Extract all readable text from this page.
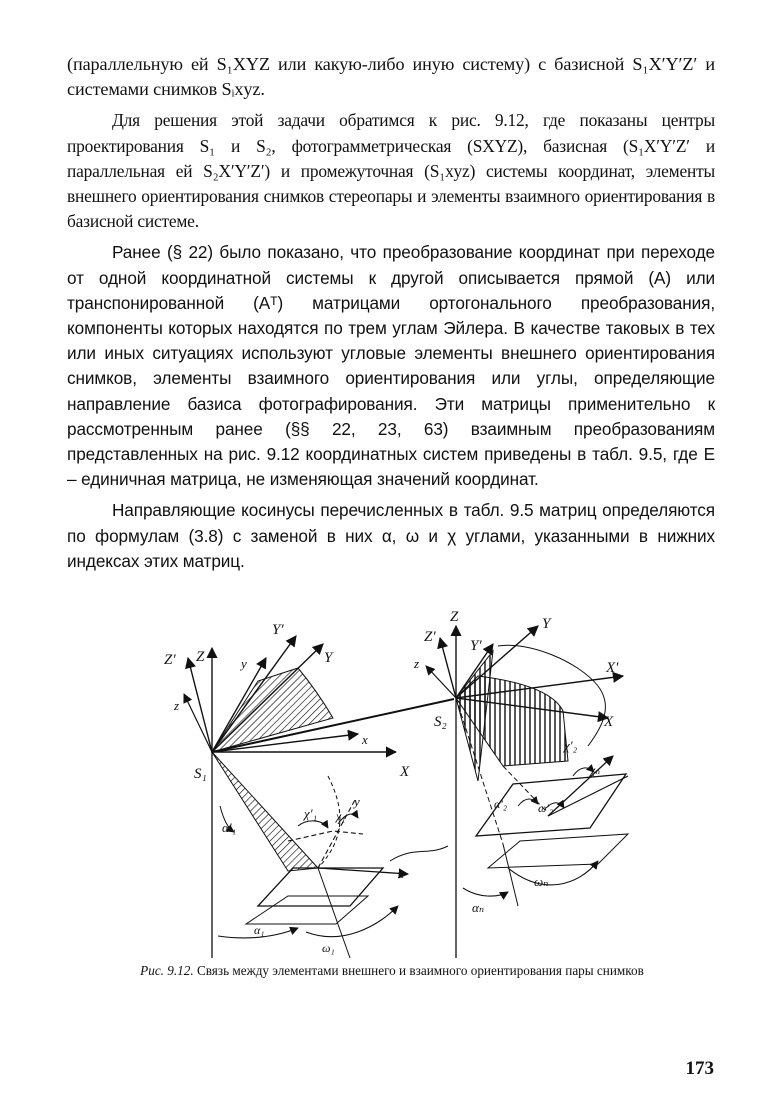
(параллельную ей S₁XYZ или какую-либо иную систему) с базисной S₁X′Y′Z′ и системами снимков Sᵢxyz.

Для решения этой задачи обратимся к рис. 9.12, где показаны центры проектирования S₁ и S₂, фотограмметрическая (SXYZ), базисная (S₁X′Y′Z′ и параллельная ей S₂X′Y′Z′) и промежуточная (S₁xyz) системы координат, элементы внешнего ориентирования снимков стереопары и элементы взаимного ориентирования в базисной системе.

Ранее (§ 22) было показано, что преобразование координат при переходе от одной координатной системы к другой описывается прямой (A) или транспонированной (Aᵀ) матрицами ортогонального преобразования, компоненты которых находятся по трем углам Эйлера. В качестве таковых в тех или иных ситуациях используют угловые элементы внешнего ориентирования снимков, элементы взаимного ориентирования или углы, определяющие направление базиса фотографирования. Эти матрицы применительно к рассмотренным ранее (§§ 22, 23, 63) взаимным преобразованиям представленных на рис. 9.12 координатных систем приведены в табл. 9.5, где E – единичная матрица, не изменяющая значений координат.

Направляющие косинусы перечисленных в табл. 9.5 матриц определяются по формулам (3.8) с заменой в них α, ω и χ углами, указанными в нижних индексах этих матриц.

S₁
S₂
Z
Z′
z
y
Y′
Y
x
X
x
y
α′₁
χ′₁ χ₁
α₁
ω₁
Z
Z′
z
Y′
Y
X′
X
χ′₂
χₙ
α′₂	ω′₂
ωₙ
αₙ
Рис. 9.12. Связь между элементами внешнего и взаимного ориентирования пары снимков
173
